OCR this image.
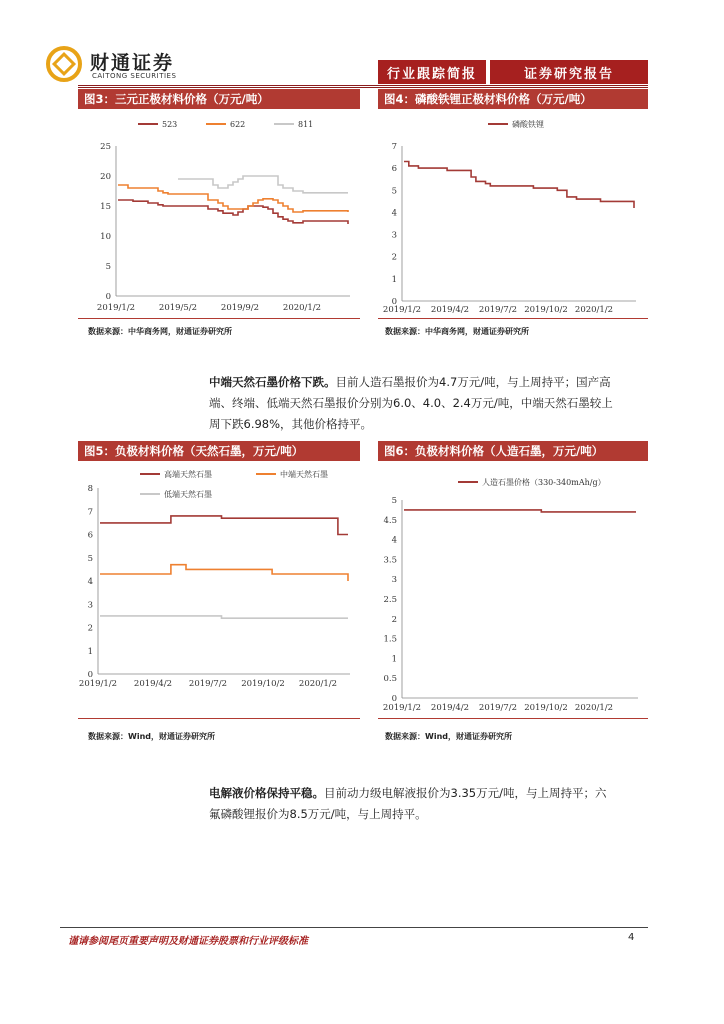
财通证券
CAITONG SECURITIES	行业跟踪简报	证券研究报告
图3：三元正极材料价格（万元/吨）
0
5
10
15
20
25
2019/1/2	2019/5/2	2019/9/2	2020/1/2
523	622	811
数据来源：中华商务网，财通证券研究所
图4：磷酸铁锂正极材料价格（万元/吨）
0
1
2
3
4
5
6
7
2019/1/2 2019/4/2 2019/7/2 2019/10/2 2020/1/2
磷酸铁锂
数据来源：中华商务网，财通证券研究所
中端天然石墨价格下跌。目前人造石墨报价为4.7万元/吨，与上周持平；国产高
端、终端、低端天然石墨报价分别为6.0、4.0、2.4万元/吨，中端天然石墨较上
周下跌6.98%，其他价格持平。
图5：负极材料价格（天然石墨，万元/吨）
0
1
2
3
4
5
6
7
8
2019/1/2 2019/4/2 2019/7/2 2019/10/2 2020/1/2
高端天然石墨	中端天然石墨
低端天然石墨
数据来源：Wind，财通证券研究所
图6：负极材料价格（人造石墨，万元/吨）
0
0.5
1
1.5
2
2.5
3
3.5
4
4.5
5
2019/1/2 2019/4/2 2019/7/2 2019/10/2 2020/1/2
人造石墨价格（330-340mAh/g）
数据来源：Wind，财通证券研究所
电解液价格保持平稳。目前动力级电解液报价为3.35万元/吨，与上周持平；六
氟磷酸锂报价为8.5万元/吨，与上周持平。
谨请参阅尾页重要声明及财通证券股票和行业评级标准	4
